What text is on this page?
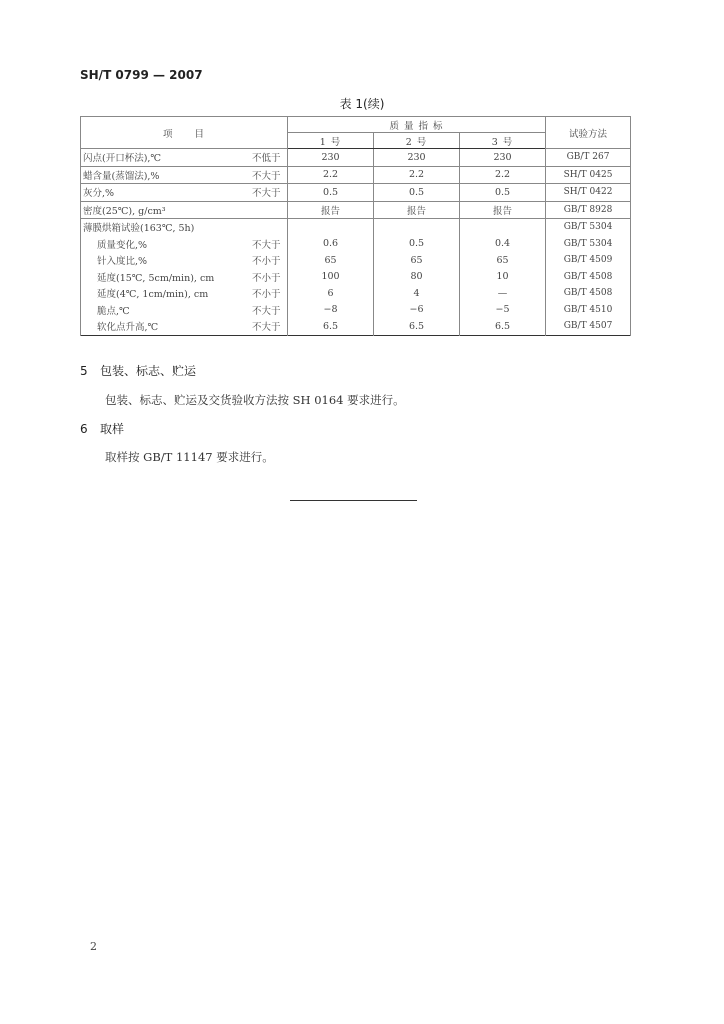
SH/T 0799 — 2007
表 1(续)
项　　目		质 量 指 标			试验方法
		1 号	2 号	3 号	
闪点(开口杯法),℃	不低于	230	230	230	GB/T 267
蜡含量(蒸馏法),%	不大于	2.2	2.2	2.2	SH/T 0425
灰分,%	不大于	0.5	0.5	0.5	SH/T 0422
密度(25℃), g/cm³		报告	报告	报告	GB/T 8928
薄膜烘箱试验(163℃, 5h)					GB/T 5304
质量变化,%	不大于	0.6	0.5	0.4	GB/T 5304
针入度比,%	不小于	65	65	65	GB/T 4509
延度(15℃, 5cm/min), cm	不小于	100	80	10	GB/T 4508
延度(4℃, 1cm/min), cm	不小于	6	4	—	GB/T 4508
脆点,℃	不大于	−8	−6	−5	GB/T 4510
软化点升高,℃	不大于	6.5	6.5	6.5	GB/T 4507
5 包装、标志、贮运
包装、标志、贮运及交货验收方法按 SH 0164 要求进行。
6 取样
取样按 GB/T 11147 要求进行。
2
